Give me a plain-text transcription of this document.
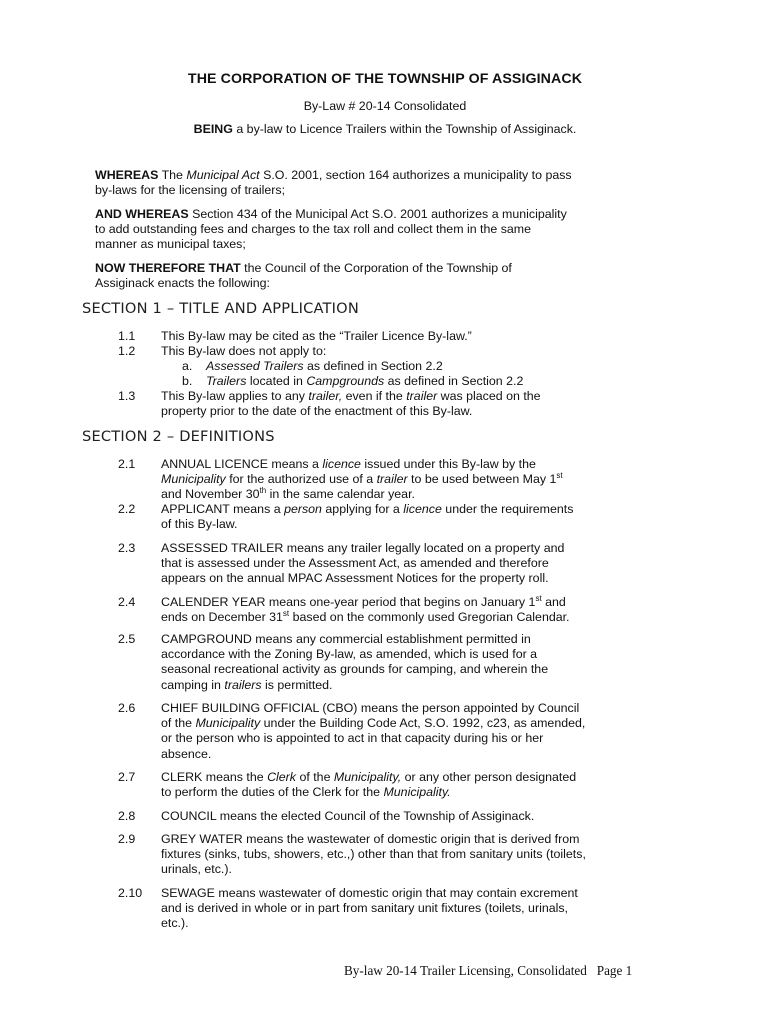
THE CORPORATION OF THE TOWNSHIP OF ASSIGINACK
By-Law # 20-14 Consolidated
BEING a by-law to Licence Trailers within the Township of Assiginack.
WHEREAS The Municipal Act S.O. 2001, section 164 authorizes a municipality to pass
by-laws for the licensing of trailers;
AND WHEREAS Section 434 of the Municipal Act S.O. 2001 authorizes a municipality
to add outstanding fees and charges to the tax roll and collect them in the same
manner as municipal taxes;
NOW THEREFORE THAT the Council of the Corporation of the Township of
Assiginack enacts the following:
SECTION 1 – TITLE AND APPLICATION
1.1	This By-law may be cited as the “Trailer Licence By-law.”
1.2	This By-law does not apply to:
a. Assessed Trailers as defined in Section 2.2
b. Trailers located in Campgrounds as defined in Section 2.2
1.3	This By-law applies to any trailer, even if the trailer was placed on the
property prior to the date of the enactment of this By-law.
SECTION 2 – DEFINITIONS
2.1	ANNUAL LICENCE means a licence issued under this By-law by the
Municipality for the authorized use of a trailer to be used between May 1st
and November 30th in the same calendar year.
2.2	APPLICANT means a person applying for a licence under the requirements
of this By-law.
2.3	ASSESSED TRAILER means any trailer legally located on a property and
that is assessed under the Assessment Act, as amended and therefore
appears on the annual MPAC Assessment Notices for the property roll.
2.4	CALENDER YEAR means one-year period that begins on January 1st and
ends on December 31st based on the commonly used Gregorian Calendar.
2.5	CAMPGROUND means any commercial establishment permitted in
accordance with the Zoning By-law, as amended, which is used for a
seasonal recreational activity as grounds for camping, and wherein the
camping in trailers is permitted.
2.6	CHIEF BUILDING OFFICIAL (CBO) means the person appointed by Council
of the Municipality under the Building Code Act, S.O. 1992, c23, as amended,
or the person who is appointed to act in that capacity during his or her
absence.
2.7	CLERK means the Clerk of the Municipality, or any other person designated
to perform the duties of the Clerk for the Municipality.
2.8	COUNCIL means the elected Council of the Township of Assiginack.
2.9	GREY WATER means the wastewater of domestic origin that is derived from
fixtures (sinks, tubs, showers, etc.,) other than that from sanitary units (toilets,
urinals, etc.).
2.10	SEWAGE means wastewater of domestic origin that may contain excrement
and is derived in whole or in part from sanitary unit fixtures (toilets, urinals,
etc.).
By-law 20-14 Trailer Licensing, Consolidated Page 1
